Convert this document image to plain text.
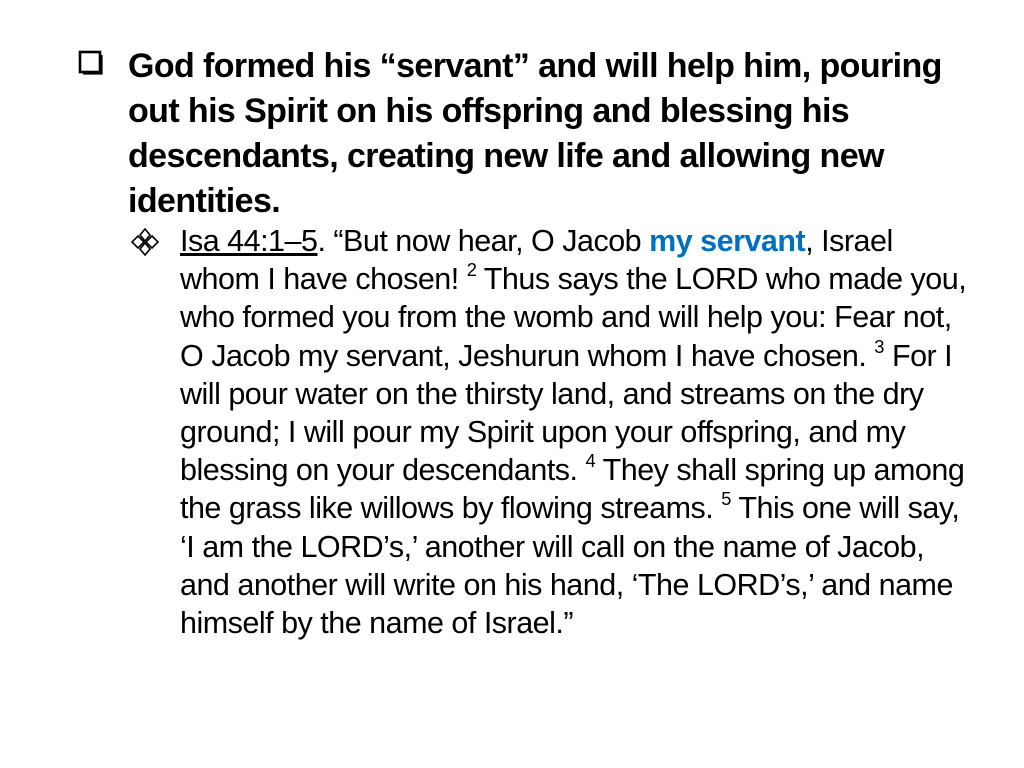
God formed his “servant” and will help him, pouring out his Spirit on his offspring and blessing his descendants, creating new life and allowing new identities.
Isa 44:1–5. “But now hear, O Jacob my servant, Israel whom I have chosen! $^2$ Thus says the LORD who made you, who formed you from the womb and will help you: Fear not, O Jacob my servant, Jeshurun whom I have chosen. $^3$ For I will pour water on the thirsty land, and streams on the dry ground; I will pour my Spirit upon your offspring, and my blessing on your descendants. $^4$ They shall spring up among the grass like willows by flowing streams. $^5$ This one will say, ‘I am the LORD’s,’ another will call on the name of Jacob, and another will write on his hand, ‘The LORD’s,’ and name himself by the name of Israel.”
